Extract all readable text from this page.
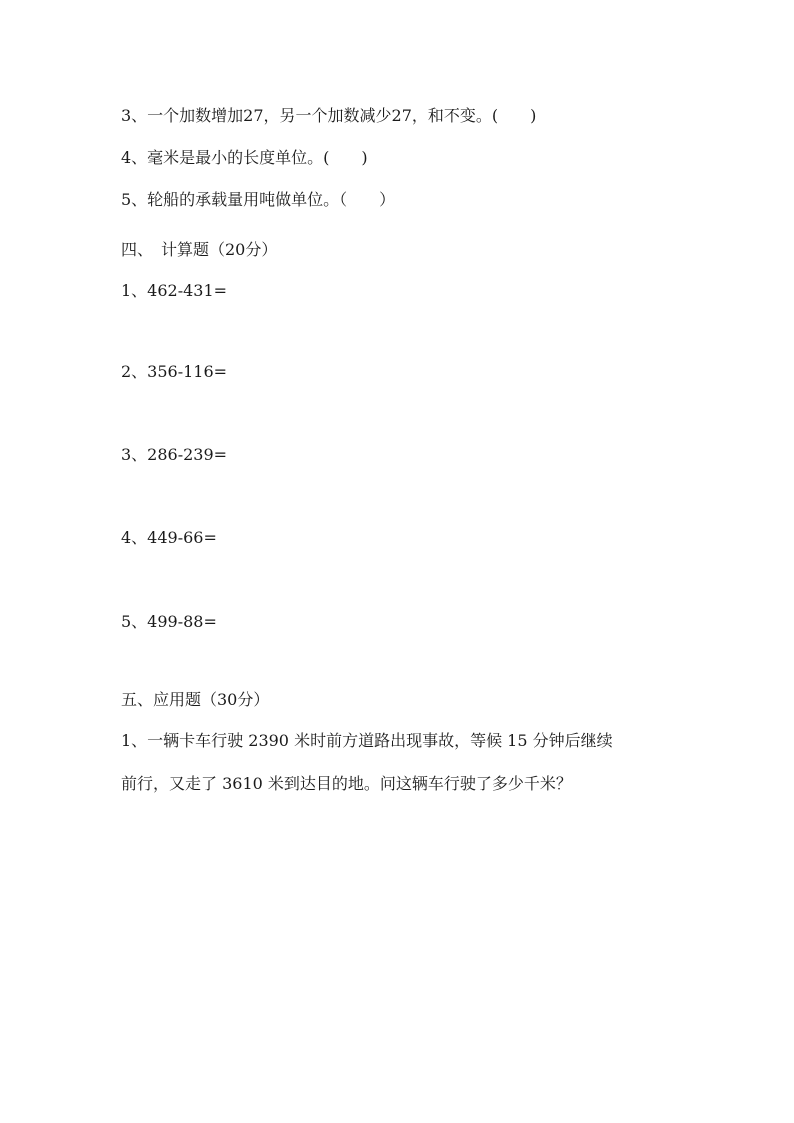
3、一个加数增加27，另一个加数减少27，和不变。(　　)
4、毫米是最小的长度单位。(　　)
5、轮船的承载量用吨做单位。（　　）
四、　计算题（20分）
1、462-431=
2、356-116=
3、286-239=
4、449-66=
5、499-88=
五、应用题（30分）
1、一辆卡车行驶 2390 米时前方道路出现事故，等候 15 分钟后继续
前行，又走了 3610 米到达目的地。问这辆车行驶了多少千米？
